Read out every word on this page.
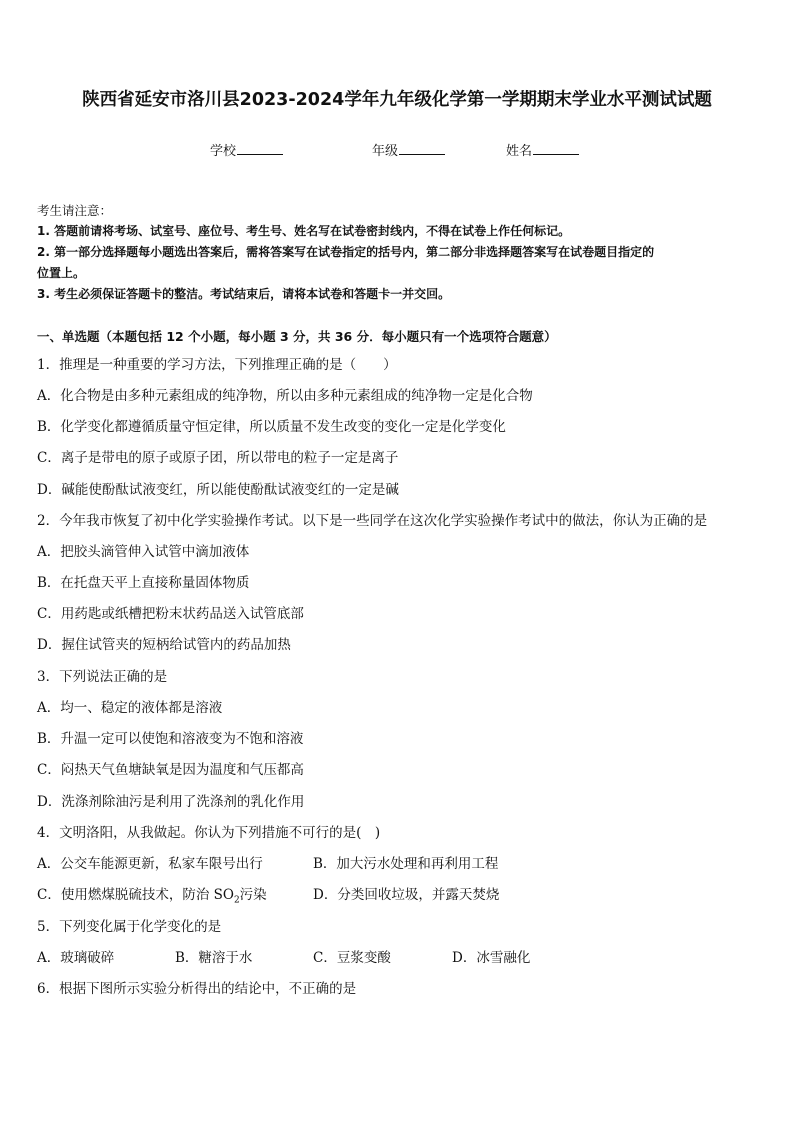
陕西省延安市洛川县2023-2024学年九年级化学第一学期期末学业水平测试试题
学校	年级	姓名
考生请注意：
1. 答题前请将考场、试室号、座位号、考生号、姓名写在试卷密封线内，不得在试卷上作任何标记。
2. 第一部分选择题每小题选出答案后，需将答案写在试卷指定的括号内，第二部分非选择题答案写在试卷题目指定的
位置上。
3. 考生必须保证答题卡的整洁。考试结束后，请将本试卷和答题卡一并交回。
一、单选题（本题包括 12 个小题，每小题 3 分，共 36 分．每小题只有一个选项符合题意）
1．推理是一种重要的学习方法，下列推理正确的是（　　）
A．化合物是由多种元素组成的纯净物，所以由多种元素组成的纯净物一定是化合物
B．化学变化都遵循质量守恒定律，所以质量不发生改变的变化一定是化学变化
C．离子是带电的原子或原子团，所以带电的粒子一定是离子
D．碱能使酚酞试液变红，所以能使酚酞试液变红的一定是碱
2．今年我市恢复了初中化学实验操作考试。以下是一些同学在这次化学实验操作考试中的做法，你认为正确的是
A．把胶头滴管伸入试管中滴加液体
B．在托盘天平上直接称量固体物质
C．用药匙或纸槽把粉末状药品送入试管底部
D．握住试管夹的短柄给试管内的药品加热
3．下列说法正确的是
A．均一、稳定的液体都是溶液
B．升温一定可以使饱和溶液变为不饱和溶液
C．闷热天气鱼塘缺氧是因为温度和气压都高
D．洗涤剂除油污是利用了洗涤剂的乳化作用
4．文明洛阳，从我做起。你认为下列措施不可行的是(　)
A．公交车能源更新，私家车限号出行	B．加大污水处理和再利用工程
C．使用燃煤脱硫技术，防治 $SO_2$污染	D．分类回收垃圾，并露天焚烧
5．下列变化属于化学变化的是
A．玻璃破碎	B．糖溶于水	C．豆浆变酸	D．冰雪融化
6．根据下图所示实验分析得出的结论中，不正确的是
